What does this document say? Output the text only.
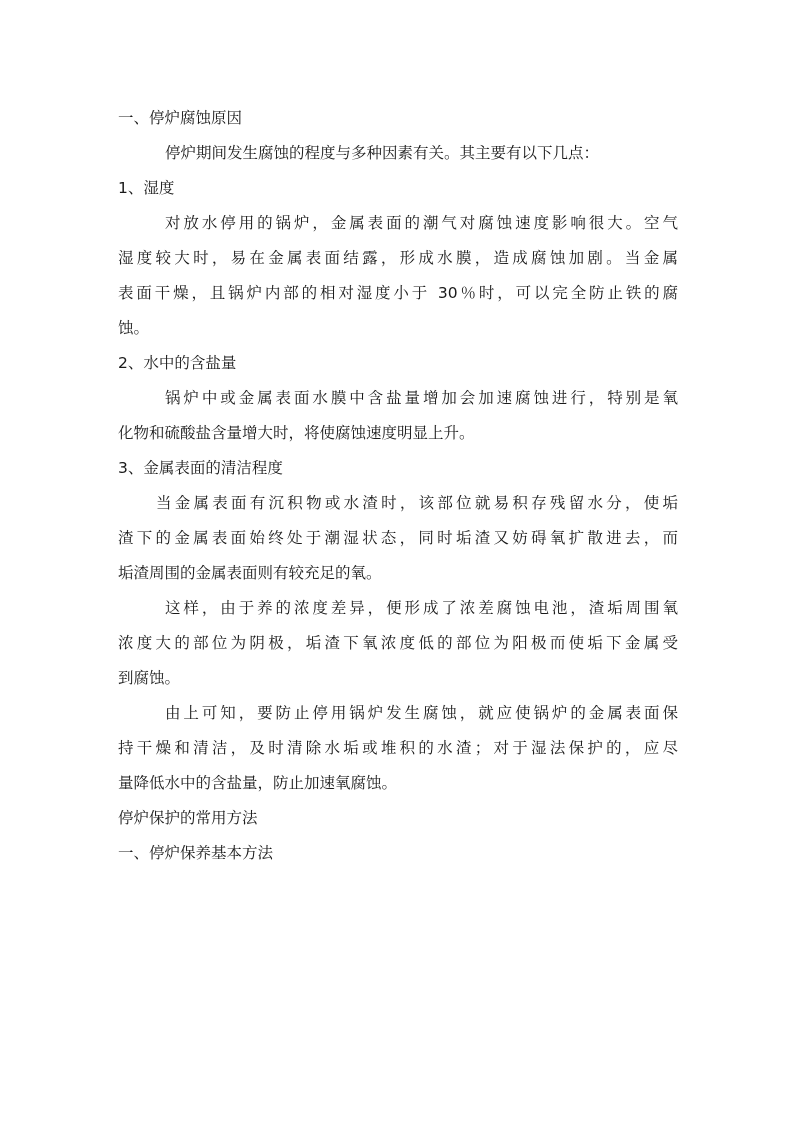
一、停炉腐蚀原因
停炉期间发生腐蚀的程度与多种因素有关。其主要有以下几点：
1、湿度
对放水停用的锅炉，金属表面的潮气对腐蚀速度影响很大。空气
湿度较大时，易在金属表面结露，形成水膜，造成腐蚀加剧。当金属
表面干燥，且锅炉内部的相对湿度小于 30％时，可以完全防止铁的腐
蚀。
2、水中的含盐量
锅炉中或金属表面水膜中含盐量增加会加速腐蚀进行，特别是氧
化物和硫酸盐含量增大时，将使腐蚀速度明显上升。
3、金属表面的清洁程度
当金属表面有沉积物或水渣时，该部位就易积存残留水分，使垢
渣下的金属表面始终处于潮湿状态，同时垢渣又妨碍氧扩散进去，而
垢渣周围的金属表面则有较充足的氧。
这样，由于养的浓度差异，便形成了浓差腐蚀电池，渣垢周围氧
浓度大的部位为阴极，垢渣下氧浓度低的部位为阳极而使垢下金属受
到腐蚀。
由上可知，要防止停用锅炉发生腐蚀，就应使锅炉的金属表面保
持干燥和清洁，及时清除水垢或堆积的水渣；对于湿法保护的，应尽
量降低水中的含盐量，防止加速氧腐蚀。
停炉保护的常用方法
一、停炉保养基本方法
